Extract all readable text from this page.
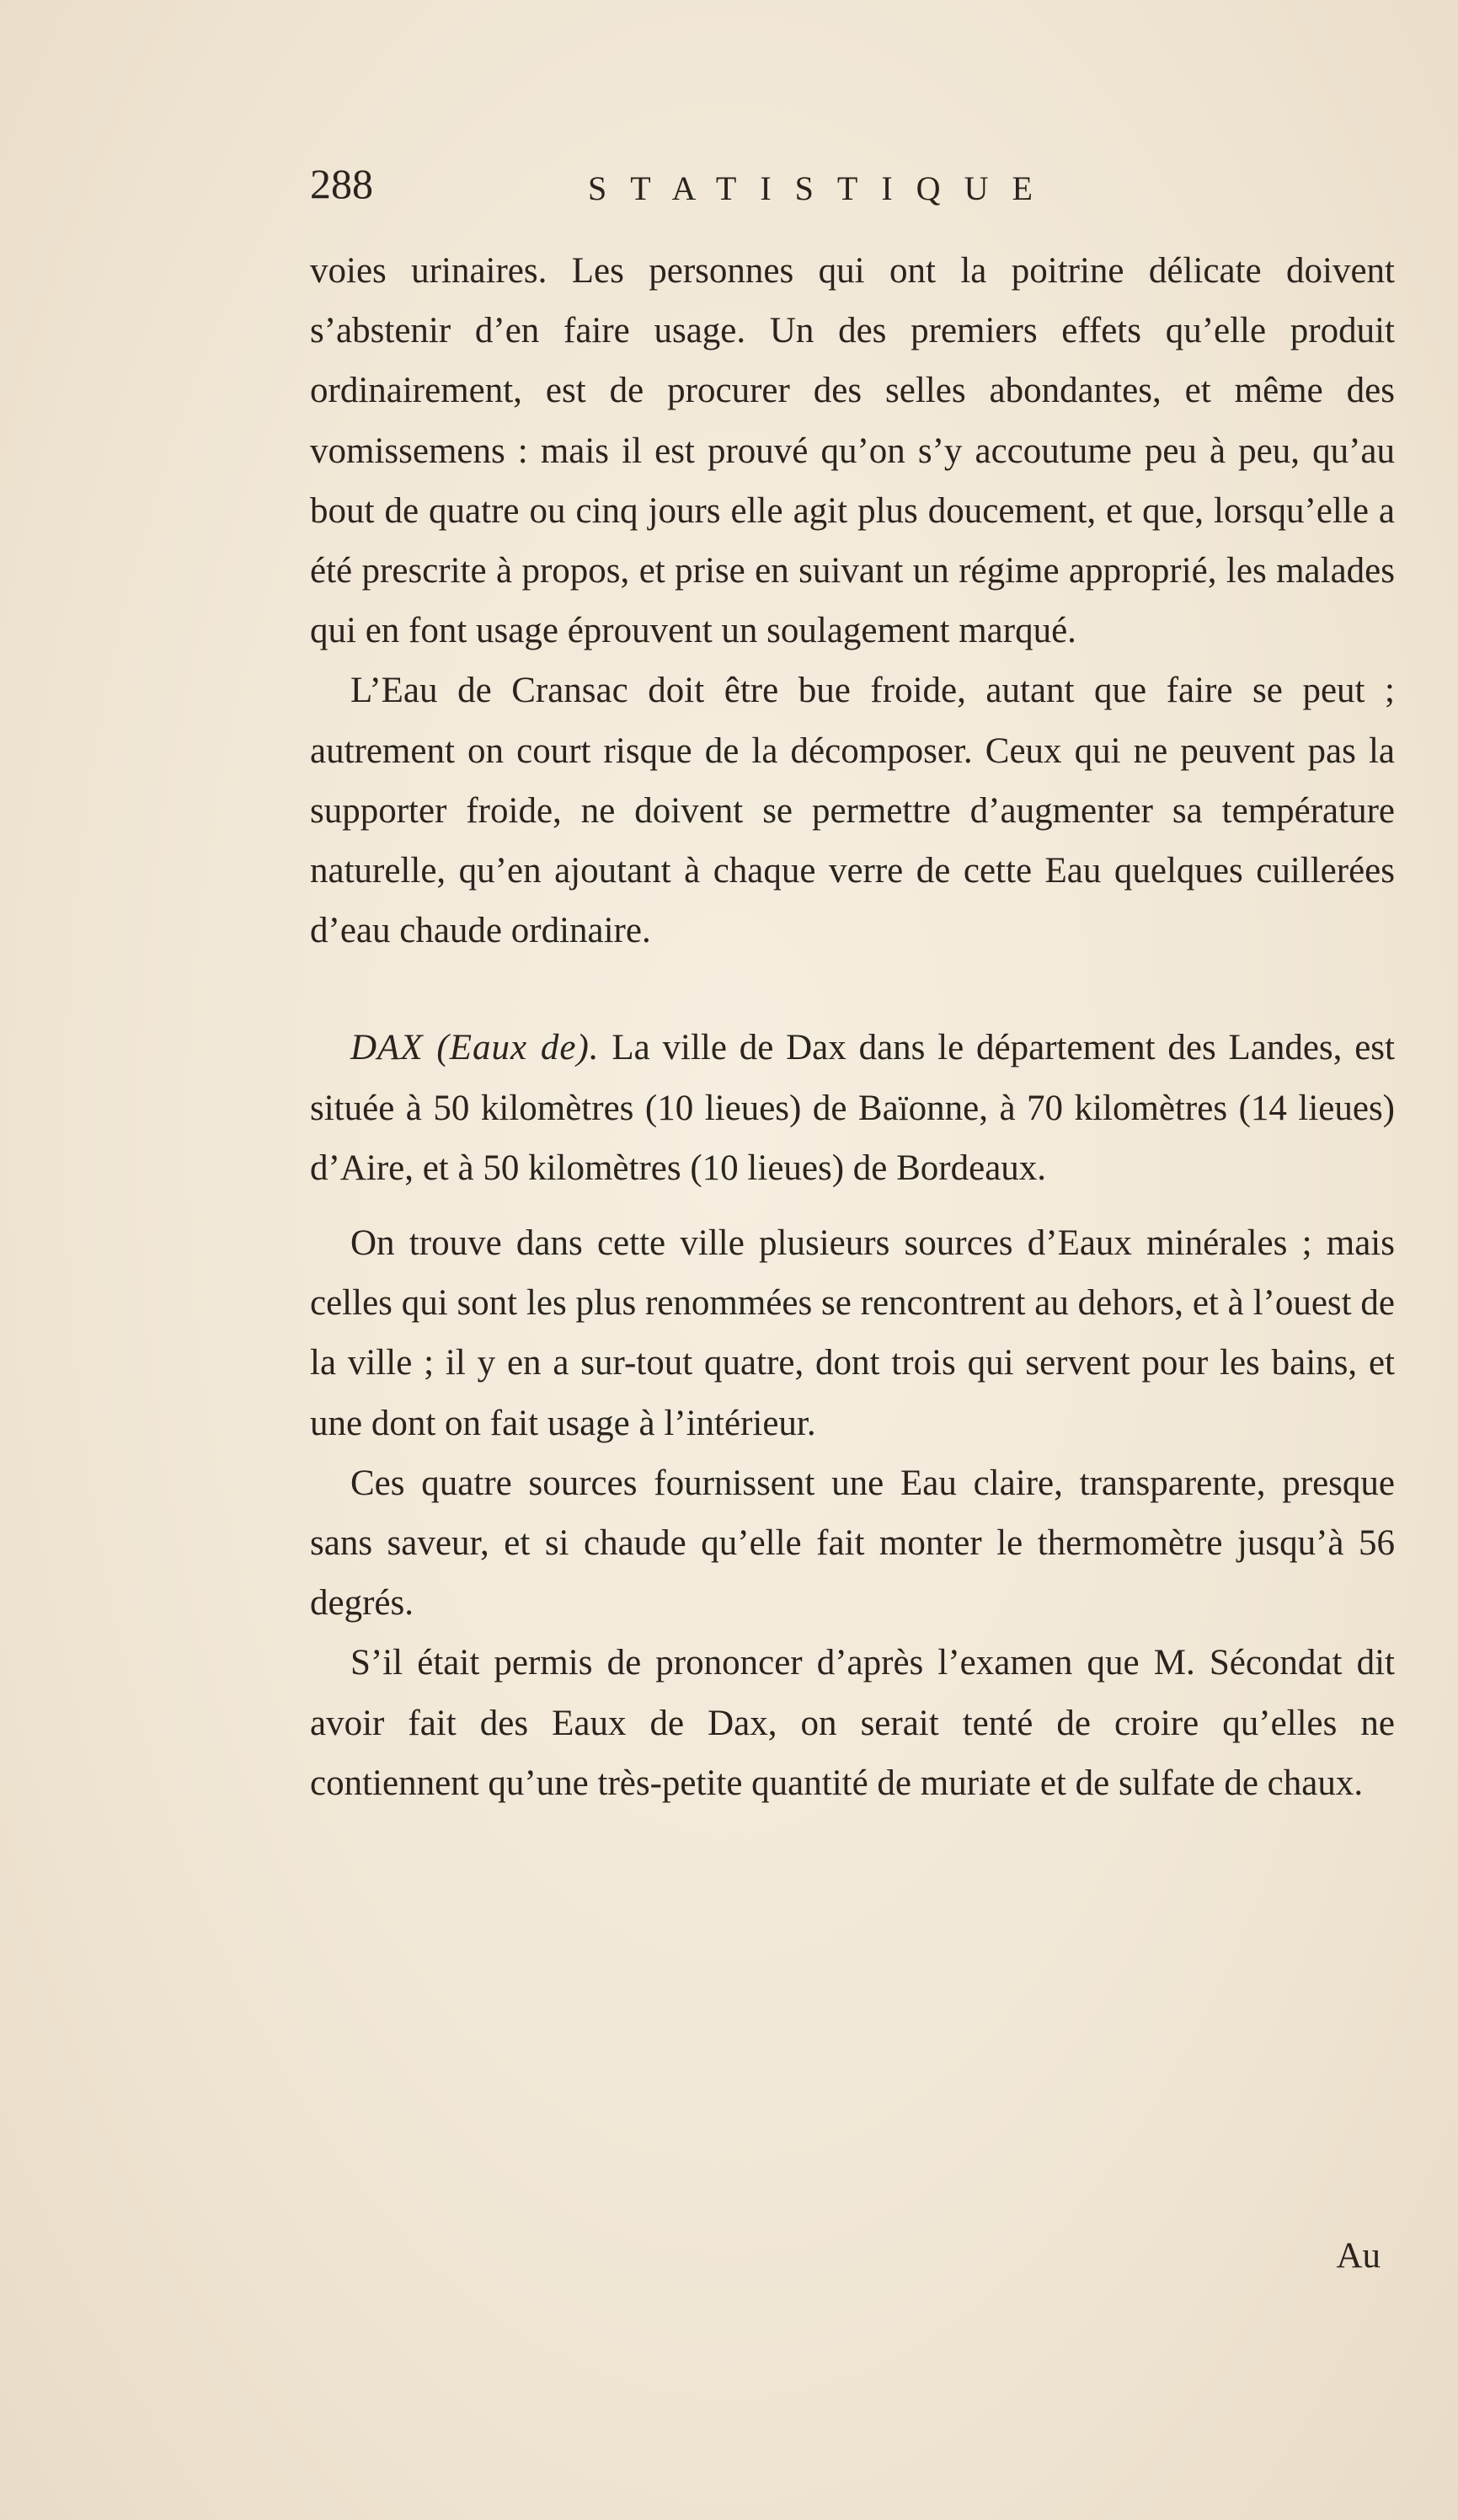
288	STATISTIQUE

voies urinaires. Les personnes qui ont la poitrine délicate doivent s’abstenir d’en faire usage. Un des premiers effets qu’elle produit ordinairement, est de procurer des selles abondantes, et même des vomissemens : mais il est prouvé qu’on s’y accoutume peu à peu, qu’au bout de quatre ou cinq jours elle agit plus doucement, et que, lorsqu’elle a été prescrite à propos, et prise en suivant un régime approprié, les malades qui en font usage éprouvent un soulagement marqué.

L’Eau de Cransac doit être bue froide, autant que faire se peut ; autrement on court risque de la décomposer. Ceux qui ne peuvent pas la supporter froide, ne doivent se permettre d’augmenter sa température naturelle, qu’en ajoutant à chaque verre de cette Eau quelques cuillerées d’eau chaude ordinaire.

DAX (Eaux de). La ville de Dax dans le département des Landes, est située à 50 kilomètres (10 lieues) de Baïonne, à 70 kilomètres (14 lieues) d’Aire, et à 50 kilomètres (10 lieues) de Bordeaux.

On trouve dans cette ville plusieurs sources d’Eaux minérales ; mais celles qui sont les plus renommées se rencontrent au dehors, et à l’ouest de la ville ; il y en a sur-tout quatre, dont trois qui servent pour les bains, et une dont on fait usage à l’intérieur.

Ces quatre sources fournissent une Eau claire, transparente, presque sans saveur, et si chaude qu’elle fait monter le thermomètre jusqu’à 56 degrés.

S’il était permis de prononcer d’après l’examen que M. Sécondat dit avoir fait des Eaux de Dax, on serait tenté de croire qu’elles ne contiennent qu’une très-petite quantité de muriate et de sulfate de chaux.

Au
